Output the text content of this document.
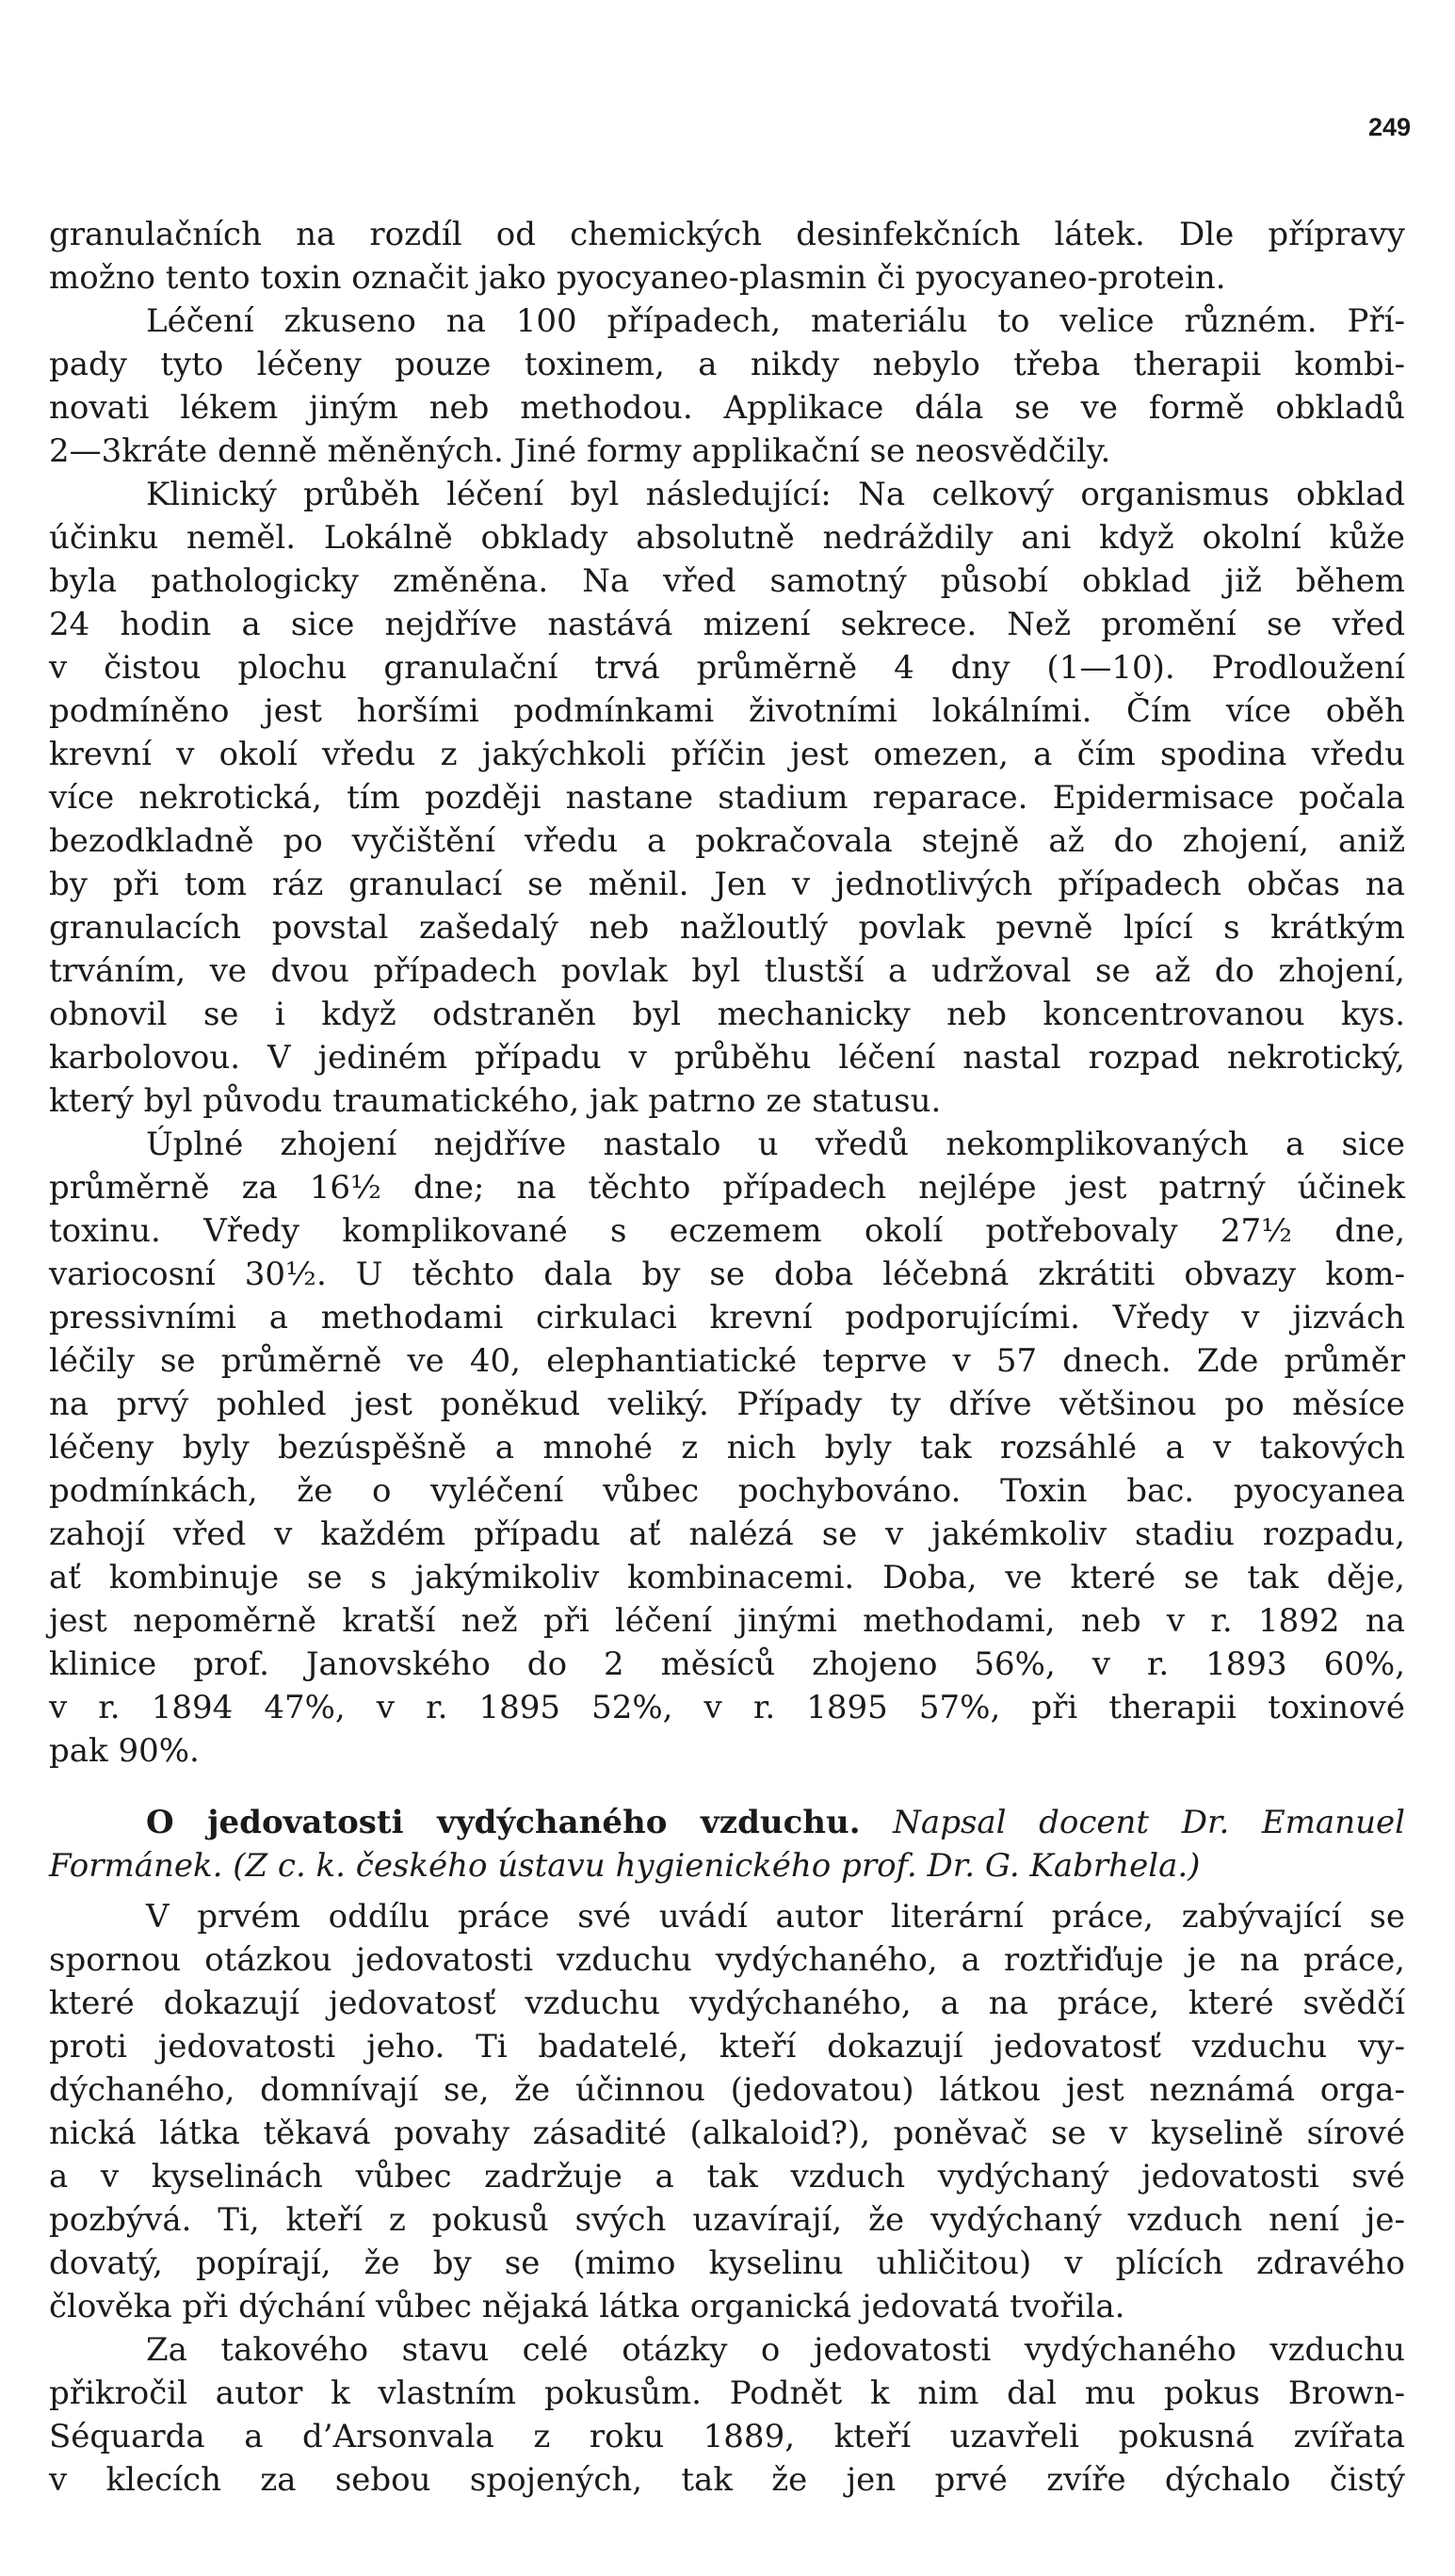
249
granulačních na rozdíl od chemických desinfekčních látek. Dle přípravy
možno tento toxin označit jako pyocyaneo-plasmin či pyocyaneo-protein.
Léčení zkuseno na 100 případech, materiálu to velice různém. Pří-
pady tyto léčeny pouze toxinem, a nikdy nebylo třeba therapii kombi-
novati lékem jiným neb methodou. Applikace dála se ve formě obkladů
2—3kráte denně měněných. Jiné formy applikační se neosvědčily.
Klinický průběh léčení byl následující: Na celkový organismus obklad
účinku neměl. Lokálně obklady absolutně nedráždily ani když okolní kůže
byla pathologicky změněna. Na vřed samotný působí obklad již během
24 hodin a sice nejdříve nastává mizení sekrece. Než promění se vřed
v čistou plochu granulační trvá průměrně 4 dny (1—10). Prodloužení
podmíněno jest horšími podmínkami životními lokálními. Čím více oběh
krevní v okolí vředu z jakýchkoli příčin jest omezen, a čím spodina vředu
více nekrotická, tím později nastane stadium reparace. Epidermisace počala
bezodkladně po vyčištění vředu a pokračovala stejně až do zhojení, aniž
by při tom ráz granulací se měnil. Jen v jednotlivých případech občas na
granulacích povstal zašedalý neb nažloutlý povlak pevně lpící s krátkým
trváním, ve dvou případech povlak byl tlustší a udržoval se až do zhojení,
obnovil se i když odstraněn byl mechanicky neb koncentrovanou kys.
karbolovou. V jediném případu v průběhu léčení nastal rozpad nekrotický,
který byl původu traumatického, jak patrno ze statusu.
Úplné zhojení nejdříve nastalo u vředů nekomplikovaných a sice
průměrně za 16½ dne; na těchto případech nejlépe jest patrný účinek
toxinu. Vředy komplikované s eczemem okolí potřebovaly 27½ dne,
variocosní 30½. U těchto dala by se doba léčebná zkrátiti obvazy kom-
pressivními a methodami cirkulaci krevní podporujícími. Vředy v jizvách
léčily se průměrně ve 40, elephantiatické teprve v 57 dnech. Zde průměr
na prvý pohled jest poněkud veliký. Případy ty dříve většinou po měsíce
léčeny byly bezúspěšně a mnohé z nich byly tak rozsáhlé a v takových
podmínkách, že o vyléčení vůbec pochybováno. Toxin bac. pyocyanea
zahojí vřed v každém případu ať nalézá se v jakémkoliv stadiu rozpadu,
ať kombinuje se s jakýmikoliv kombinacemi. Doba, ve které se tak děje,
jest nepoměrně kratší než při léčení jinými methodami, neb v r. 1892 na
klinice prof. Janovského do 2 měsíců zhojeno 56%, v r. 1893 60%,
v r. 1894 47%, v r. 1895 52%, v r. 1895 57%, při therapii toxinové
pak 90%.
O jedovatosti vydýchaného vzduchu. Napsal docent Dr. Emanuel
Formánek. (Z c. k. českého ústavu hygienického prof. Dr. G. Kabrhela.)
V prvém oddílu práce své uvádí autor literární práce, zabývající se
spornou otázkou jedovatosti vzduchu vydýchaného, a roztřiďuje je na práce,
které dokazují jedovatosť vzduchu vydýchaného, a na práce, které svědčí
proti jedovatosti jeho. Ti badatelé, kteří dokazují jedovatosť vzduchu vy-
dýchaného, domnívají se, že účinnou (jedovatou) látkou jest neznámá orga-
nická látka těkavá povahy zásadité (alkaloid?), poněvač se v kyselině sírové
a v kyselinách vůbec zadržuje a tak vzduch vydýchaný jedovatosti své
pozbývá. Ti, kteří z pokusů svých uzavírají, že vydýchaný vzduch není je-
dovatý, popírají, že by se (mimo kyselinu uhličitou) v plících zdravého
člověka při dýchání vůbec nějaká látka organická jedovatá tvořila.
Za takového stavu celé otázky o jedovatosti vydýchaného vzduchu
přikročil autor k vlastním pokusům. Podnět k nim dal mu pokus Brown-
Séquarda a d’Arsonvala z roku 1889, kteří uzavřeli pokusná zvířata
v klecích za sebou spojených, tak že jen prvé zvíře dýchalo čistý
